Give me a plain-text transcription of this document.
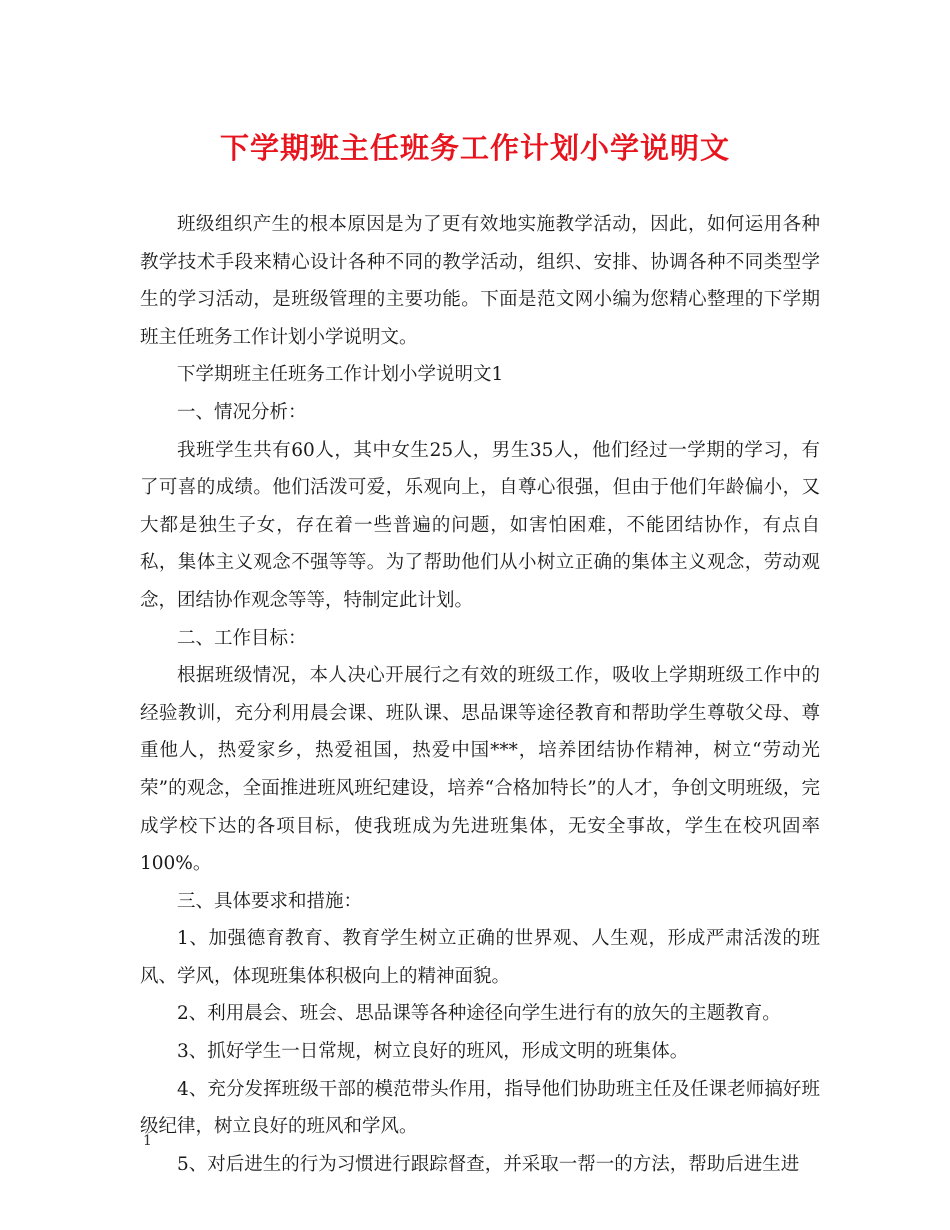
下学期班主任班务工作计划小学说明文

班级组织产生的根本原因是为了更有效地实施教学活动，因此，如何运用各种教学技术手段来精心设计各种不同的教学活动，组织、安排、协调各种不同类型学生的学习活动，是班级管理的主要功能。下面是范文网小编为您精心整理的下学期班主任班务工作计划小学说明文。

下学期班主任班务工作计划小学说明文1

一、情况分析：

我班学生共有60人，其中女生25人，男生35人，他们经过一学期的学习，有了可喜的成绩。他们活泼可爱，乐观向上，自尊心很强，但由于他们年龄偏小，又大都是独生子女，存在着一些普遍的问题，如害怕困难，不能团结协作，有点自私，集体主义观念不强等等。为了帮助他们从小树立正确的集体主义观念，劳动观念，团结协作观念等等，特制定此计划。

二、工作目标：

根据班级情况，本人决心开展行之有效的班级工作，吸收上学期班级工作中的经验教训，充分利用晨会课、班队课、思品课等途径教育和帮助学生尊敬父母、尊重他人，热爱家乡，热爱祖国，热爱中国***，培养团结协作精神，树立“劳动光荣”的观念，全面推进班风班纪建设，培养“合格加特长”的人才，争创文明班级，完成学校下达的各项目标，使我班成为先进班集体，无安全事故，学生在校巩固率100%。

三、具体要求和措施：

1、加强德育教育、教育学生树立正确的世界观、人生观，形成严肃活泼的班风、学风，体现班集体积极向上的精神面貌。

2、利用晨会、班会、思品课等各种途径向学生进行有的放矢的主题教育。

3、抓好学生一日常规，树立良好的班风，形成文明的班集体。

4、充分发挥班级干部的模范带头作用，指导他们协助班主任及任课老师搞好班级纪律，树立良好的班风和学风。

5、对后进生的行为习惯进行跟踪督查，并采取一帮一的方法，帮助后进生进

1
